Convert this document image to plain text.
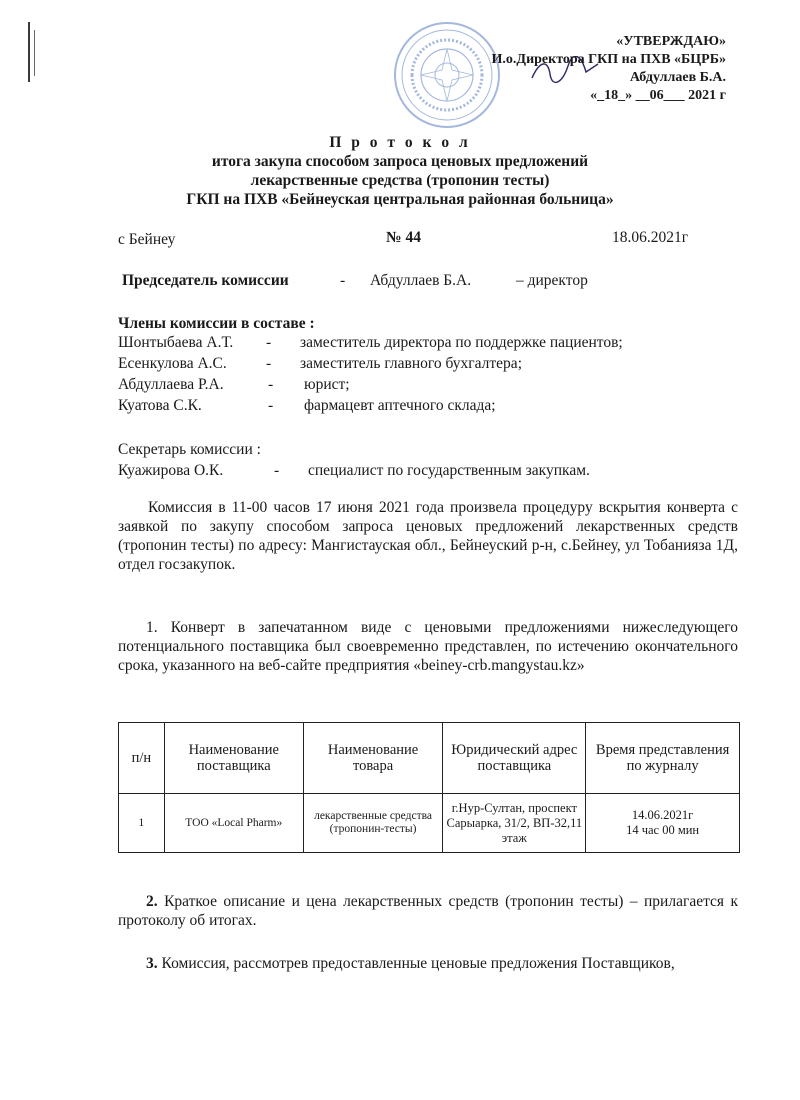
«УТВЕРЖДАЮ»
И.о.Директора ГКП на ПХВ «БЦРБ»
Абдуллаев Б.А.
«_18_» __06___ 2021 г
П р о т о к о л
итога закупа способом запроса ценовых предложений
лекарственные средства (тропонин тесты)
ГКП на ПХВ «Бейнеуская центральная районная больница»
с Бейнеу	№ 44	18.06.2021г
Председатель комиссии	- Абдуллаев Б.А.	– директор
Члены комиссии в составе :
Шонтыбаева А.Т. - заместитель директора по поддержке пациентов;
Есенкулова А.С.	- заместитель главного бухгалтера;
Абдуллаева Р.А.	- юрист;
Куатова С.К.	- фармацевт аптечного склада;
Секретарь комиссии :
Куажирова О.К.	- специалист по государственным закупкам.
Комиссия в 11-00 часов 17 июня 2021 года произвела процедуру вскрытия конверта с заявкой по закупу способом запроса ценовых предложений лекарственных средств (тропонин тесты) по адресу: Мангистауская обл., Бейнеуский р-н, с.Бейнеу, ул Тобанияза 1Д, отдел госзакупок.
1. Конверт в запечатанном виде с ценовыми предложениями нижеследующего потенциального поставщика был своевременно представлен, по истечению окончательного срока, указанного на веб-сайте предприятия «beiney-crb.mangystau.kz»
п/н	Наименование поставщика	Наименование товара	Юридический адрес поставщика	Время представления по журналу
1	ТОО «Local Pharm»	лекарственные средства (тропонин-тесты)	г.Нур-Султан, проспект Сарыарка, 31/2, ВП-32,11 этаж	14.06.2021г
14 час 00 мин
2. Краткое описание и цена лекарственных средств (тропонин тесты) – прилагается к протоколу об итогах.
3. Комиссия, рассмотрев предоставленные ценовые предложения Поставщиков,
